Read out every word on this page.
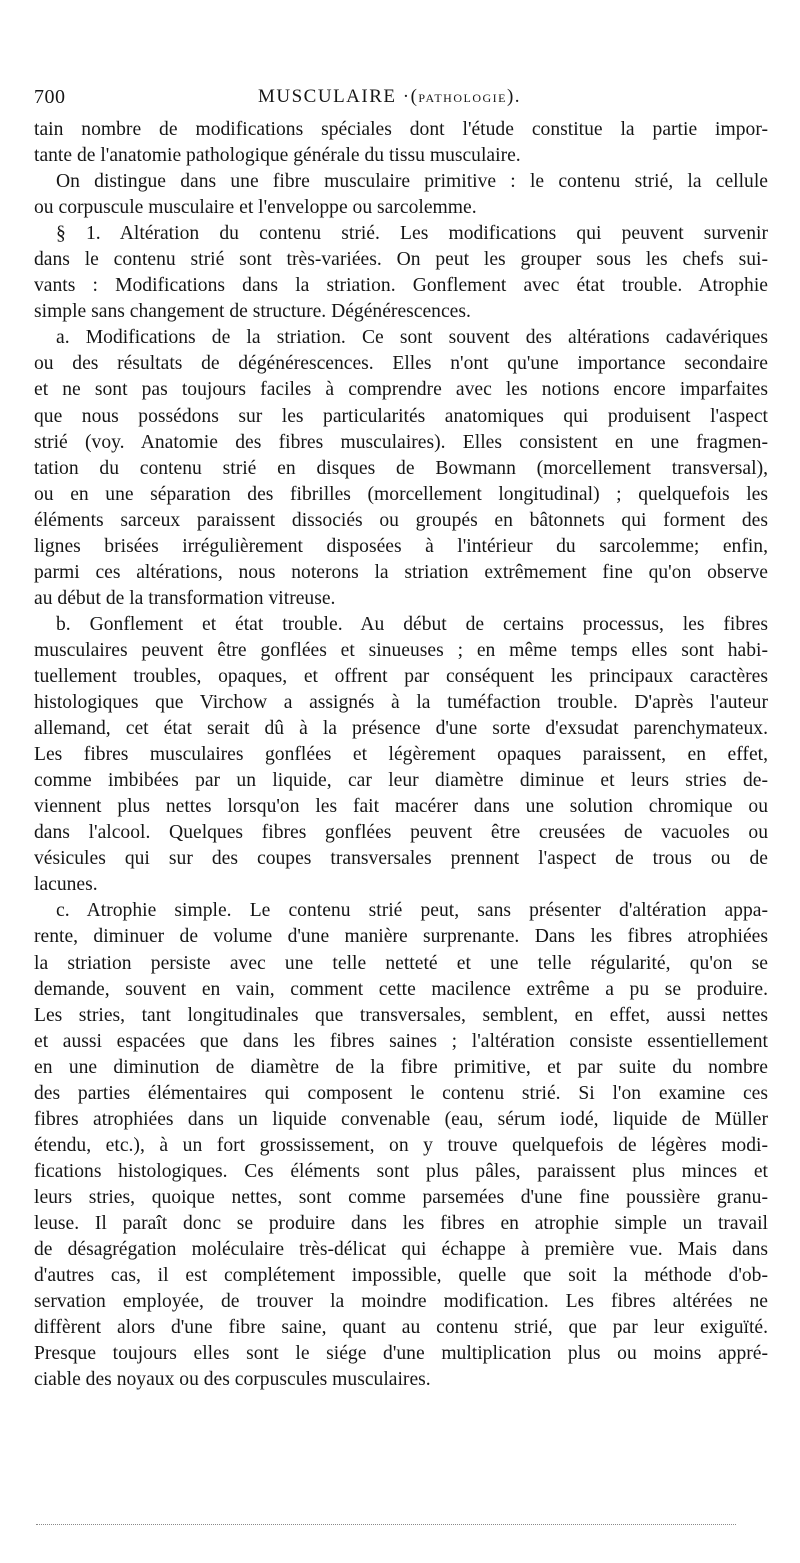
700	MUSCULAIRE ·(PATHOLOGIE).
tain nombre de modifications spéciales dont l'étude constitue la partie impor-
tante de l'anatomie pathologique générale du tissu musculaire.
On distingue dans une fibre musculaire primitive : le contenu strié, la cellule
ou corpuscule musculaire et l'enveloppe ou sarcolemme.
§ 1. Altération du contenu strié. Les modifications qui peuvent survenir
dans le contenu strié sont très-variées. On peut les grouper sous les chefs sui-
vants : Modifications dans la striation. Gonflement avec état trouble. Atrophie
simple sans changement de structure. Dégénérescences.
a. Modifications de la striation. Ce sont souvent des altérations cadavériques
ou des résultats de dégénérescences. Elles n'ont qu'une importance secondaire
et ne sont pas toujours faciles à comprendre avec les notions encore imparfaites
que nous possédons sur les particularités anatomiques qui produisent l'aspect
strié (voy. Anatomie des fibres musculaires). Elles consistent en une fragmen-
tation du contenu strié en disques de Bowmann (morcellement transversal),
ou en une séparation des fibrilles (morcellement longitudinal) ; quelquefois les
éléments sarceux paraissent dissociés ou groupés en bâtonnets qui forment des
lignes brisées irrégulièrement disposées à l'intérieur du sarcolemme; enfin,
parmi ces altérations, nous noterons la striation extrêmement fine qu'on observe
au début de la transformation vitreuse.
b. Gonflement et état trouble. Au début de certains processus, les fibres
musculaires peuvent être gonflées et sinueuses ; en même temps elles sont habi-
tuellement troubles, opaques, et offrent par conséquent les principaux caractères
histologiques que Virchow a assignés à la tuméfaction trouble. D'après l'auteur
allemand, cet état serait dû à la présence d'une sorte d'exsudat parenchymateux.
Les fibres musculaires gonflées et légèrement opaques paraissent, en effet,
comme imbibées par un liquide, car leur diamètre diminue et leurs stries de-
viennent plus nettes lorsqu'on les fait macérer dans une solution chromique ou
dans l'alcool. Quelques fibres gonflées peuvent être creusées de vacuoles ou
vésicules qui sur des coupes transversales prennent l'aspect de trous ou de
lacunes.
c. Atrophie simple. Le contenu strié peut, sans présenter d'altération appa-
rente, diminuer de volume d'une manière surprenante. Dans les fibres atrophiées
la striation persiste avec une telle netteté et une telle régularité, qu'on se
demande, souvent en vain, comment cette macilence extrême a pu se produire.
Les stries, tant longitudinales que transversales, semblent, en effet, aussi nettes
et aussi espacées que dans les fibres saines ; l'altération consiste essentiellement
en une diminution de diamètre de la fibre primitive, et par suite du nombre
des parties élémentaires qui composent le contenu strié. Si l'on examine ces
fibres atrophiées dans un liquide convenable (eau, sérum iodé, liquide de Müller
étendu, etc.), à un fort grossissement, on y trouve quelquefois de légères modi-
fications histologiques. Ces éléments sont plus pâles, paraissent plus minces et
leurs stries, quoique nettes, sont comme parsemées d'une fine poussière granu-
leuse. Il paraît donc se produire dans les fibres en atrophie simple un travail
de désagrégation moléculaire très-délicat qui échappe à première vue. Mais dans
d'autres cas, il est complétement impossible, quelle que soit la méthode d'ob-
servation employée, de trouver la moindre modification. Les fibres altérées ne
diffèrent alors d'une fibre saine, quant au contenu strié, que par leur exiguïté.
Presque toujours elles sont le siége d'une multiplication plus ou moins appré-
ciable des noyaux ou des corpuscules musculaires.
